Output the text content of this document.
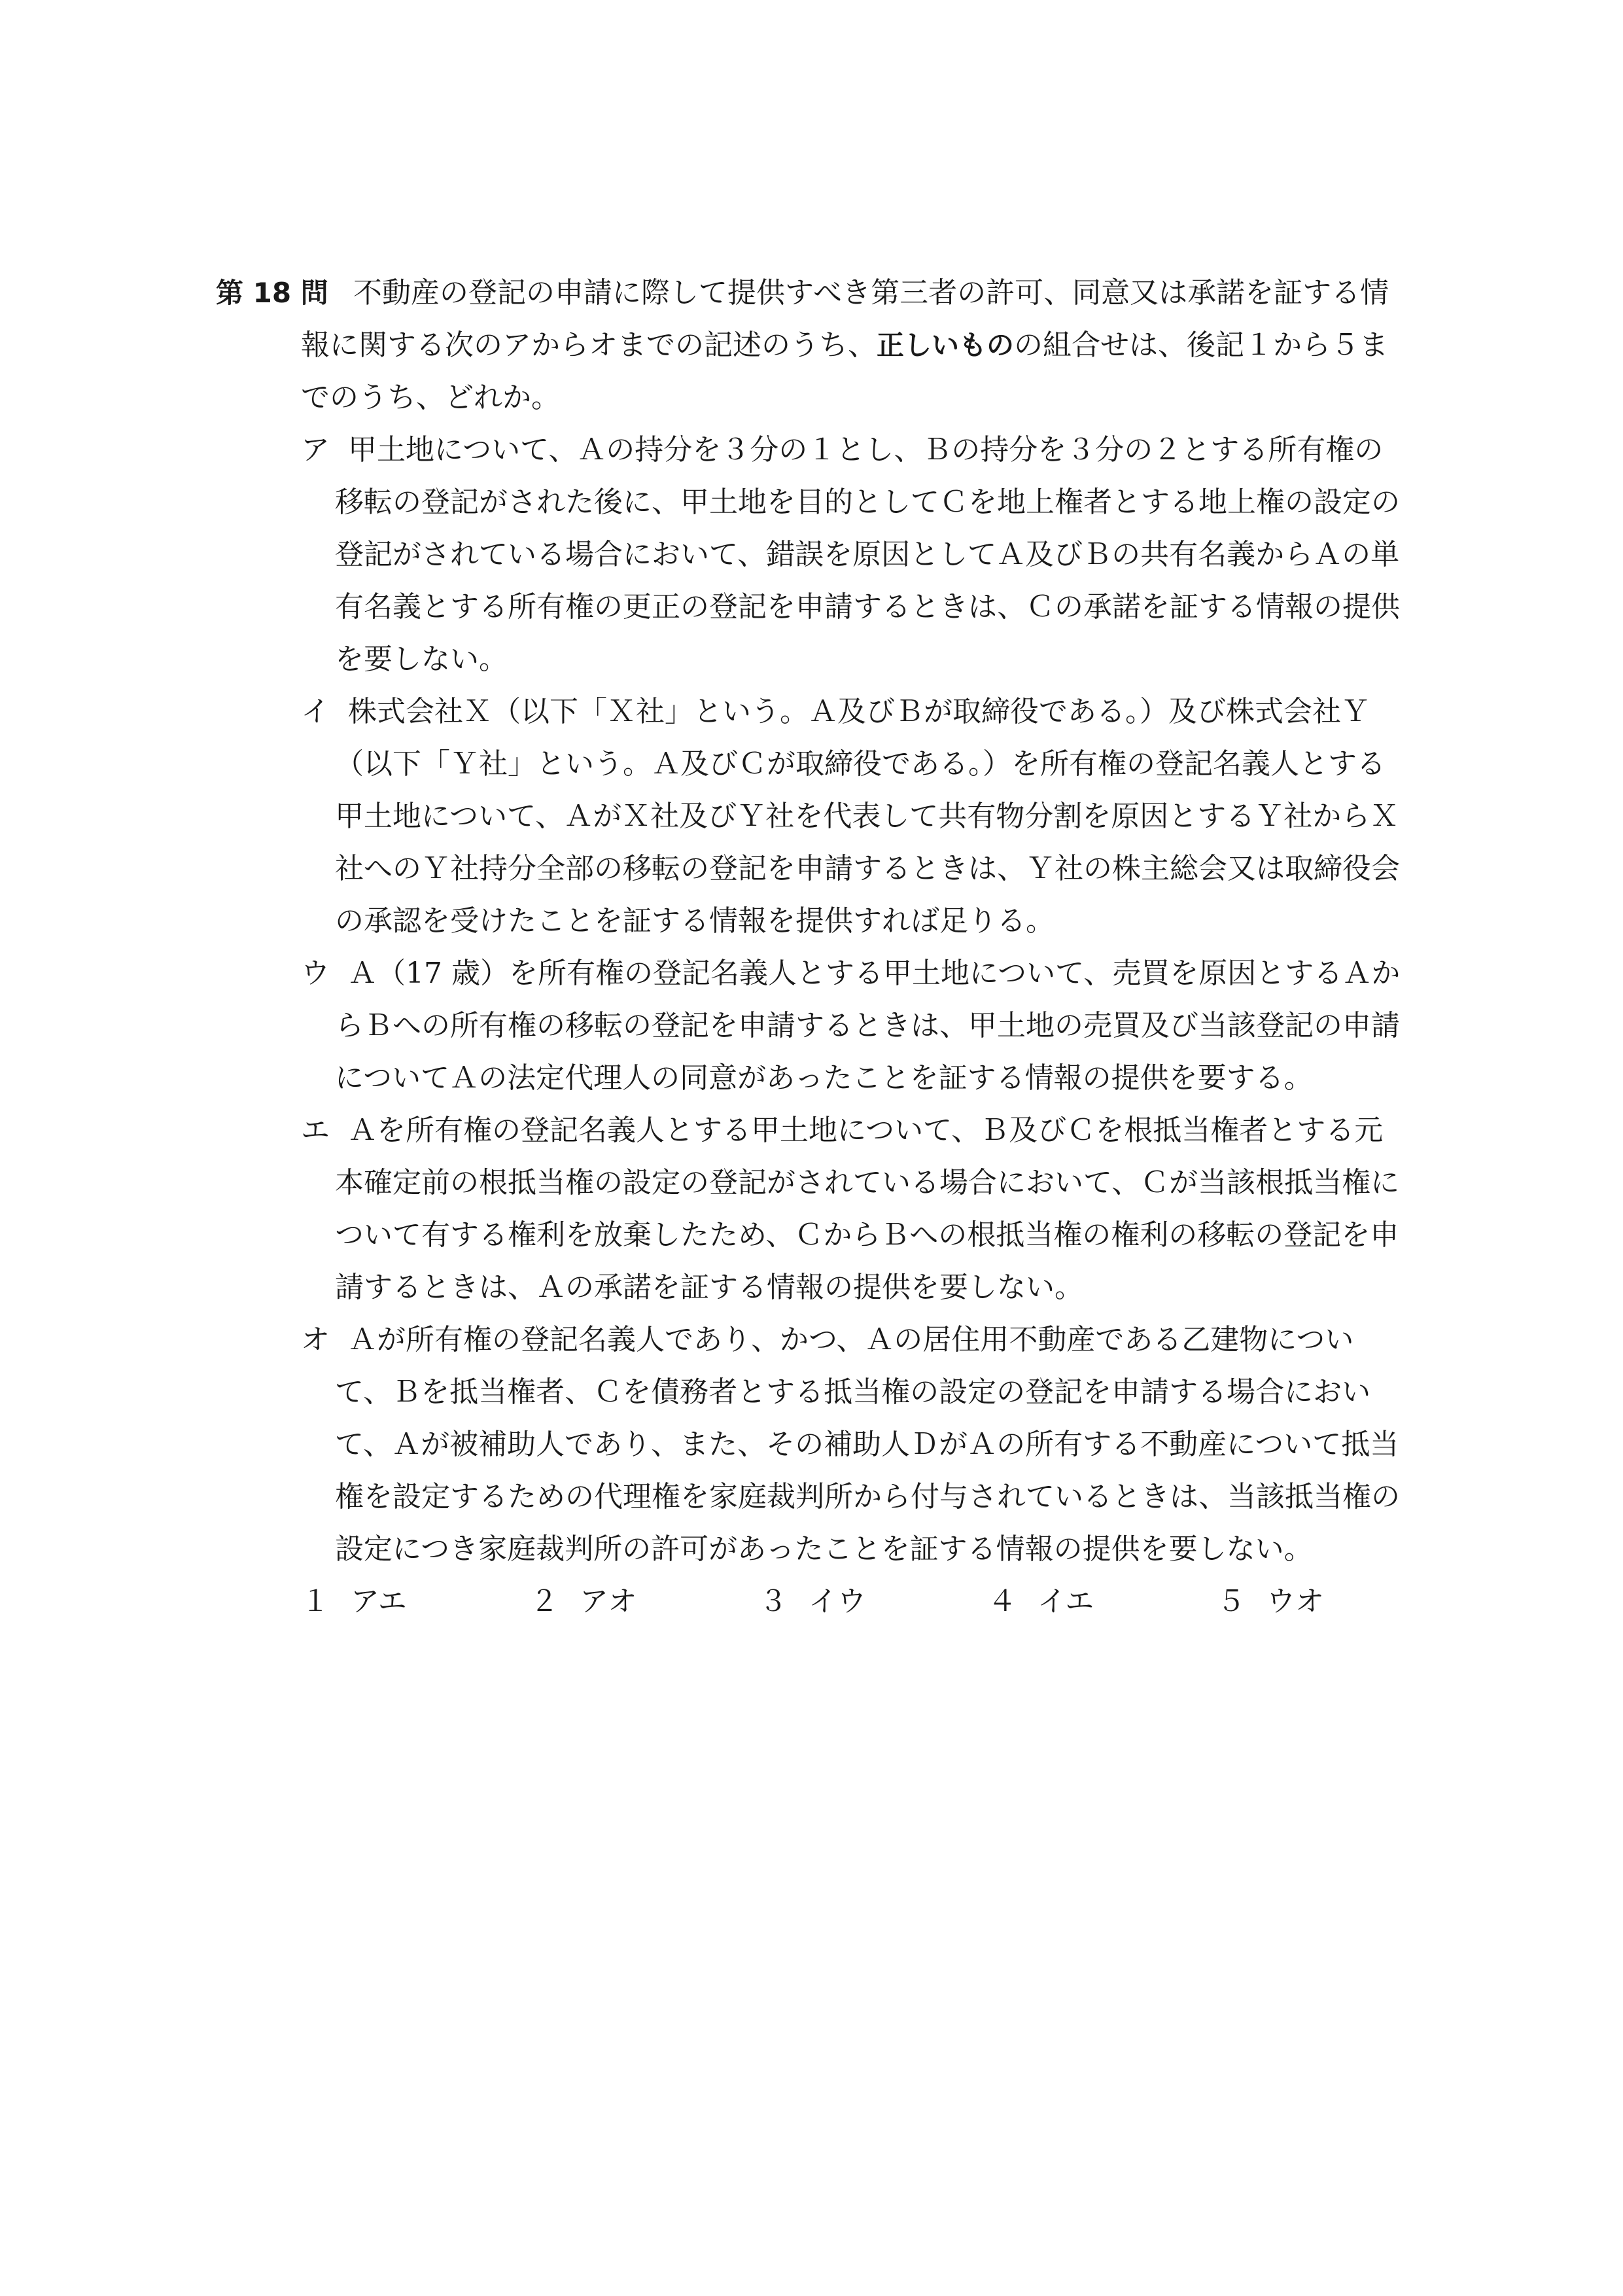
第 18 問 不動産の登記の申請に際して提供すべき第三者の許可、同意又は承諾を証する情報に関する次のアからオまでの記述のうち、正しいものの組合せは、後記１から５までのうち、どれか。

ア 甲土地について、Ａの持分を３分の１とし、Ｂの持分を３分の２とする所有権の移転の登記がされた後に、甲土地を目的としてＣを地上権者とする地上権の設定の登記がされている場合において、錯誤を原因としてＡ及びＢの共有名義からＡの単有名義とする所有権の更正の登記を申請するときは、Ｃの承諾を証する情報の提供を要しない。
イ 株式会社Ｘ（以下「Ｘ社」という。Ａ及びＢが取締役である。）及び株式会社Ｙ（以下「Ｙ社」という。Ａ及びＣが取締役である。）を所有権の登記名義人とする甲土地について、ＡがＸ社及びＹ社を代表して共有物分割を原因とするＹ社からＸ社へのＹ社持分全部の移転の登記を申請するときは、Ｙ社の株主総会又は取締役会の承認を受けたことを証する情報を提供すれば足りる。
ウ Ａ（17 歳）を所有権の登記名義人とする甲土地について、売買を原因とするＡからＢへの所有権の移転の登記を申請するときは、甲土地の売買及び当該登記の申請についてＡの法定代理人の同意があったことを証する情報の提供を要する。
エ Ａを所有権の登記名義人とする甲土地について、Ｂ及びＣを根抵当権者とする元本確定前の根抵当権の設定の登記がされている場合において、Ｃが当該根抵当権について有する権利を放棄したため、ＣからＢへの根抵当権の権利の移転の登記を申請するときは、Ａの承諾を証する情報の提供を要しない。
オ Ａが所有権の登記名義人であり、かつ、Ａの居住用不動産である乙建物について、Ｂを抵当権者、Ｃを債務者とする抵当権の設定の登記を申請する場合において、Ａが被補助人であり、また、その補助人ＤがＡの所有する不動産について抵当権を設定するための代理権を家庭裁判所から付与されているときは、当該抵当権の設定につき家庭裁判所の許可があったことを証する情報の提供を要しない。
１ アエ	２ アオ	３ イウ	４ イエ	５ ウオ
